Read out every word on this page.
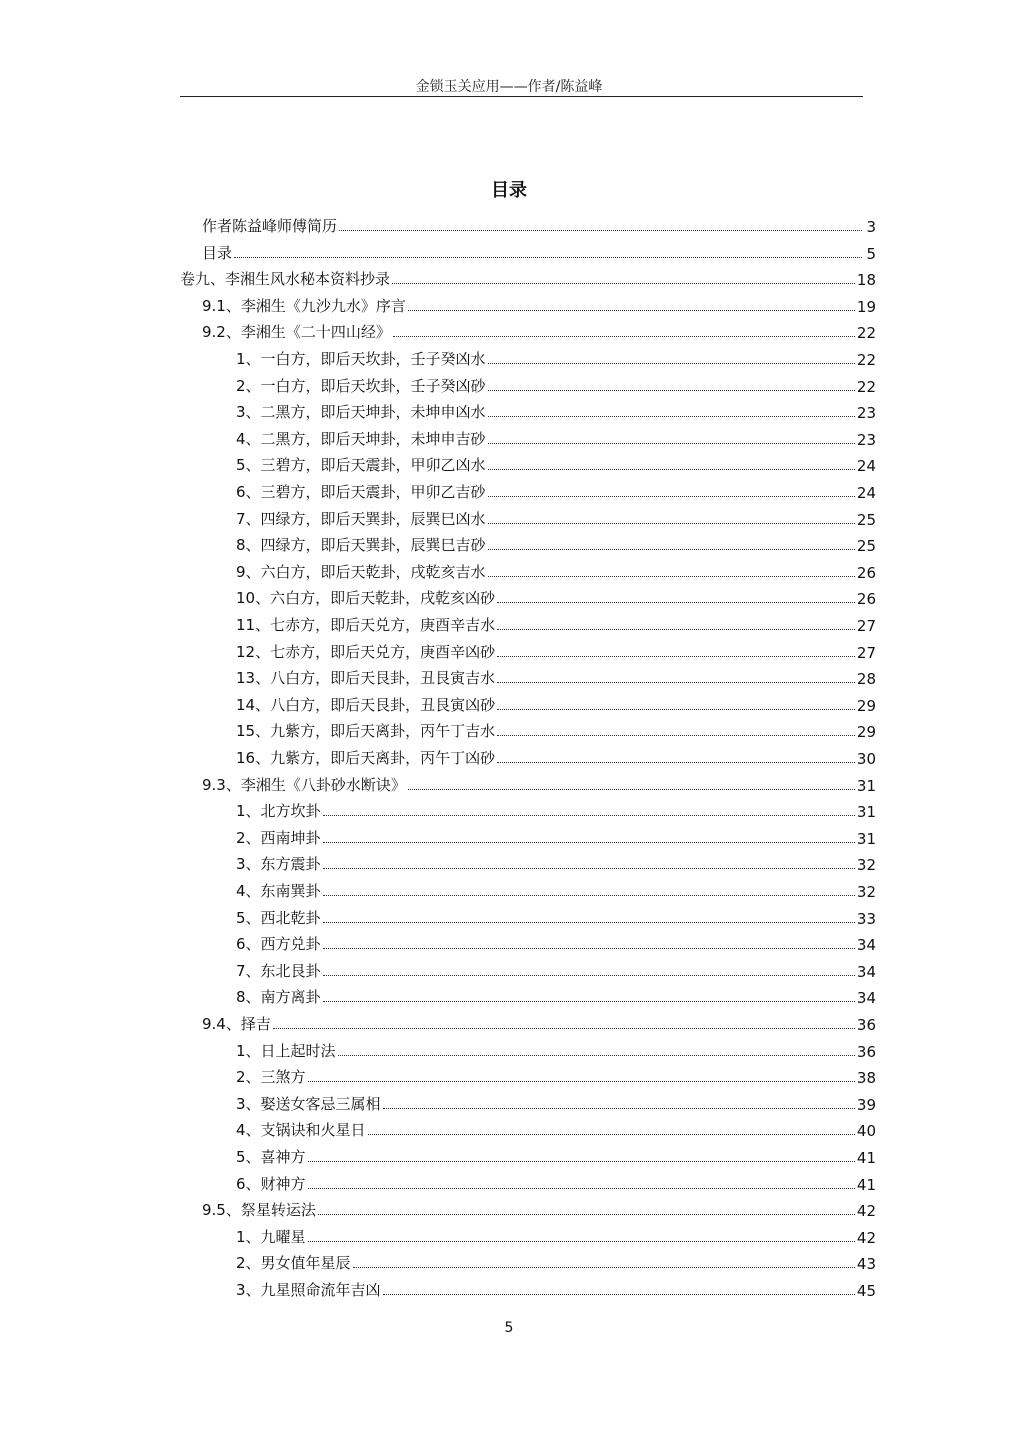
金锁玉关应用——作者/陈益峰
目录
作者陈益峰师傅简历	3
目录	5
卷九、李湘生风水秘本资料抄录	18
9.1、李湘生《九沙九水》序言	19
9.2、李湘生《二十四山经》	22
1、一白方，即后天坎卦，壬子癸凶水	22
2、一白方，即后天坎卦，壬子癸凶砂	22
3、二黑方，即后天坤卦，未坤申凶水	23
4、二黑方，即后天坤卦，未坤申吉砂	23
5、三碧方，即后天震卦，甲卯乙凶水	24
6、三碧方，即后天震卦，甲卯乙吉砂	24
7、四绿方，即后天巽卦，辰巽巳凶水	25
8、四绿方，即后天巽卦，辰巽巳吉砂	25
9、六白方，即后天乾卦，戌乾亥吉水	26
10、六白方，即后天乾卦，戌乾亥凶砂	26
11、七赤方，即后天兑方，庚酉辛吉水	27
12、七赤方，即后天兑方，庚酉辛凶砂	27
13、八白方，即后天艮卦，丑艮寅吉水	28
14、八白方，即后天艮卦，丑艮寅凶砂	29
15、九紫方，即后天离卦，丙午丁吉水	29
16、九紫方，即后天离卦，丙午丁凶砂	30
9.3、李湘生《八卦砂水断诀》	31
1、北方坎卦	31
2、西南坤卦	31
3、东方震卦	32
4、东南巽卦	32
5、西北乾卦	33
6、西方兑卦	34
7、东北艮卦	34
8、南方离卦	34
9.4、择吉	36
1、日上起时法	36
2、三煞方	38
3、娶送女客忌三属相	39
4、支锅诀和火星日	40
5、喜神方	41
6、财神方	41
9.5、祭星转运法	42
1、九曜星	42
2、男女值年星辰	43
3、九星照命流年吉凶	45
5
